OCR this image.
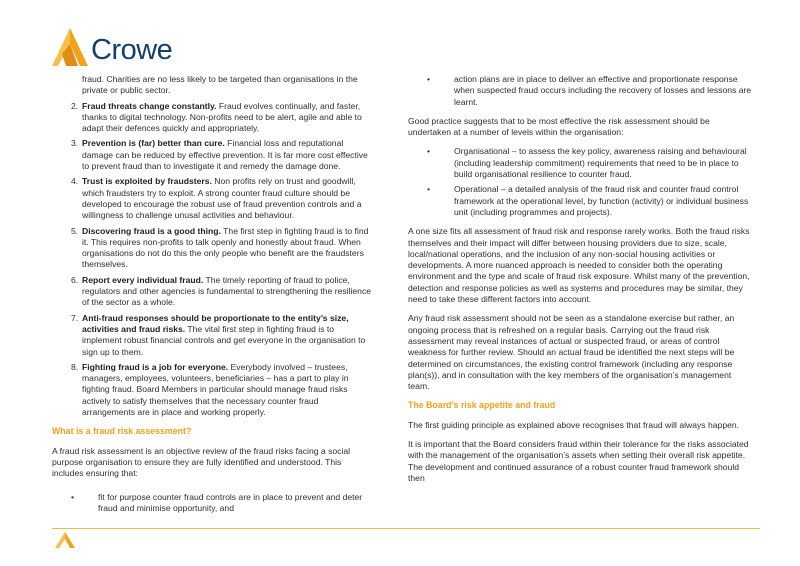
Crowe

fraud. Charities are no less likely to be targeted than organisations in the private or public sector.

2. Fraud threats change constantly. Fraud evolves continually, and faster, thanks to digital technology. Non-profits need to be alert, agile and able to adapt their defences quickly and appropriately.

3. Prevention is (far) better than cure. Financial loss and reputational damage can be reduced by effective prevention. It is far more cost effective to prevent fraud than to investigate it and remedy the damage done.

4. Trust is exploited by fraudsters. Non profits rely on trust and goodwill, which fraudsters try to exploit. A strong counter fraud culture should be developed to encourage the robust use of fraud prevention controls and a willingness to challenge unusal activities and behaviour.

5. Discovering fraud is a good thing. The first step in fighting fraud is to find it. This requires non-profits to talk openly and honestly about fraud. When organisations do not do this the only people who benefit are the fraudsters themselves.

6. Report every individual fraud. The timely reporting of fraud to police, regulators and other agencies is fundamental to strengthening the resilience of the sector as a whole.

7. Anti-fraud responses should be proportionate to the entity’s size, activities and fraud risks. The vital first step in fighting fraud is to implement robust financial controls and get everyone in the organisation to sign up to them.

8. Fighting fraud is a job for everyone. Everybody involved – trustees, managers, employees, volunteers, beneficiaries – has a part to play in fighting fraud. Board Members in particular should manage fraud risks actively to satisfy themselves that the necessary counter fraud arrangements are in place and working properly.

What is a fraud risk assessment?

A fraud risk assessment is an objective review of the fraud risks facing a social purpose organisation to ensure they are fully identified and understood. This includes ensuring that:

•	fit for purpose counter fraud controls are in place to prevent and deter fraud and minimise opportunity, and

•	action plans are in place to deliver an effective and proportionate response when suspected fraud occurs including the recovery of losses and lessons are learnt.

Good practice suggests that to be most effective the risk assessment should be undertaken at a number of levels within the organisation:

•	Organisational – to assess the key policy, awareness raising and behavioural (including leadership commitment) requirements that need to be in place to build organisational resilience to counter fraud.

•	Operational – a detailed analysis of the fraud risk and counter fraud control framework at the operational level, by function (activity) or individual business unit (including programmes and projects).

A one size fits all assessment of fraud risk and response rarely works. Both the fraud risks themselves and their impact will differ between housing providers due to size, scale, local/national operations, and the inclusion of any non-social housing activities or developments. A more nuanced approach is needed to consider both the operating environment and the type and scale of fraud risk exposure. Whilst many of the prevention, detection and response policies as well as systems and procedures may be similar, they need to take these different factors into account.

Any fraud risk assessment should not be seen as a standalone exercise but rather, an ongoing process that is refreshed on a regular basis. Carrying out the fraud risk assessment may reveal instances of actual or suspected fraud, or areas of control weakness for further review. Should an actual fraud be identified the next steps will be determined on circumstances, the existing control framework (including any response plan(s)), and in consultation with the key members of the organisation’s management team.

The Board’s risk appetite and fraud

The first guiding principle as explained above recognises that fraud will always happen.

It is important that the Board considers fraud within their tolerance for the risks associated with the management of the organisation’s assets when setting their overall risk appetite. The development and continued assurance of a robust counter fraud framework should then
